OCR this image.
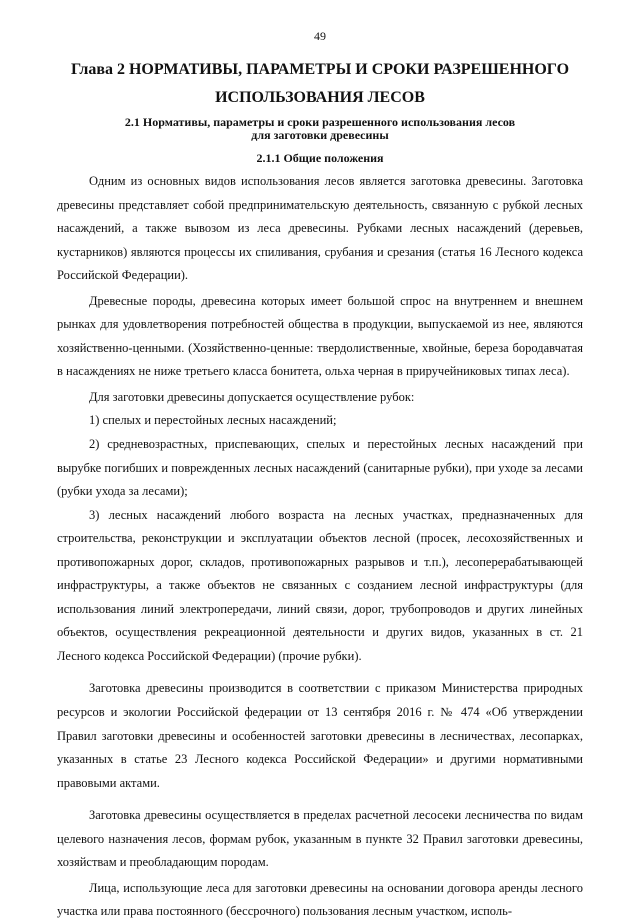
49
Глава 2 НОРМАТИВЫ, ПАРАМЕТРЫ И СРОКИ РАЗРЕШЕННОГО
ИСПОЛЬЗОВАНИЯ ЛЕСОВ
2.1 Нормативы, параметры и сроки разрешенного использования лесов
для заготовки древесины
2.1.1 Общие положения

Одним из основных видов использования лесов является заготовка древесины. Заготовка древесины представляет собой предпринимательскую деятельность, связанную с рубкой лесных насаждений, а также вывозом из леса древесины. Рубками лесных насаждений (деревьев, кустарников) являются процессы их спиливания, срубания и срезания (статья 16 Лесного кодекса Российской Федерации).

Древесные породы, древесина которых имеет большой спрос на внутреннем и внешнем рынках для удовлетворения потребностей общества в продукции, выпускаемой из нее, являются хозяйственно-ценными. (Хозяйственно-ценные: твердолиственные, хвойные, береза бородавчатая в насаждениях не ниже третьего класса бонитета, ольха черная в приручейниковых типах леса).

Для заготовки древесины допускается осуществление рубок:

1) спелых и перестойных лесных насаждений;

2) средневозрастных, приспевающих, спелых и перестойных лесных насаждений при вырубке погибших и поврежденных лесных насаждений (санитарные рубки), при уходе за лесами (рубки ухода за лесами);

3) лесных насаждений любого возраста на лесных участках, предназначенных для строительства, реконструкции и эксплуатации объектов лесной (просек, лесохозяйственных и противопожарных дорог, складов, противопожарных разрывов и т.п.), лесоперерабатывающей инфраструктуры, а также объектов не связанных с созданием лесной инфраструктуры (для использования линий электропередачи, линий связи, дорог, трубопроводов и других линейных объектов, осуществления рекреационной деятельности и других видов, указанных в ст. 21 Лесного кодекса Российской Федерации) (прочие рубки).

Заготовка древесины производится в соответствии с приказом Министерства природных ресурсов и экологии Российской федерации от 13 сентября 2016 г. № 474 «Об утверждении Правил заготовки древесины и особенностей заготовки древесины в лесничествах, лесопарках, указанных в статье 23 Лесного кодекса Российской Федерации» и другими нормативными правовыми актами.

Заготовка древесины осуществляется в пределах расчетной лесосеки лесничества по видам целевого назначения лесов, формам рубок, указанным в пункте 32 Правил заготовки древесины, хозяйствам и преобладающим породам.

Лица, использующие леса для заготовки древесины на основании договора аренды лесного участка или права постоянного (бессрочного) пользования лесным участком, исполь-
